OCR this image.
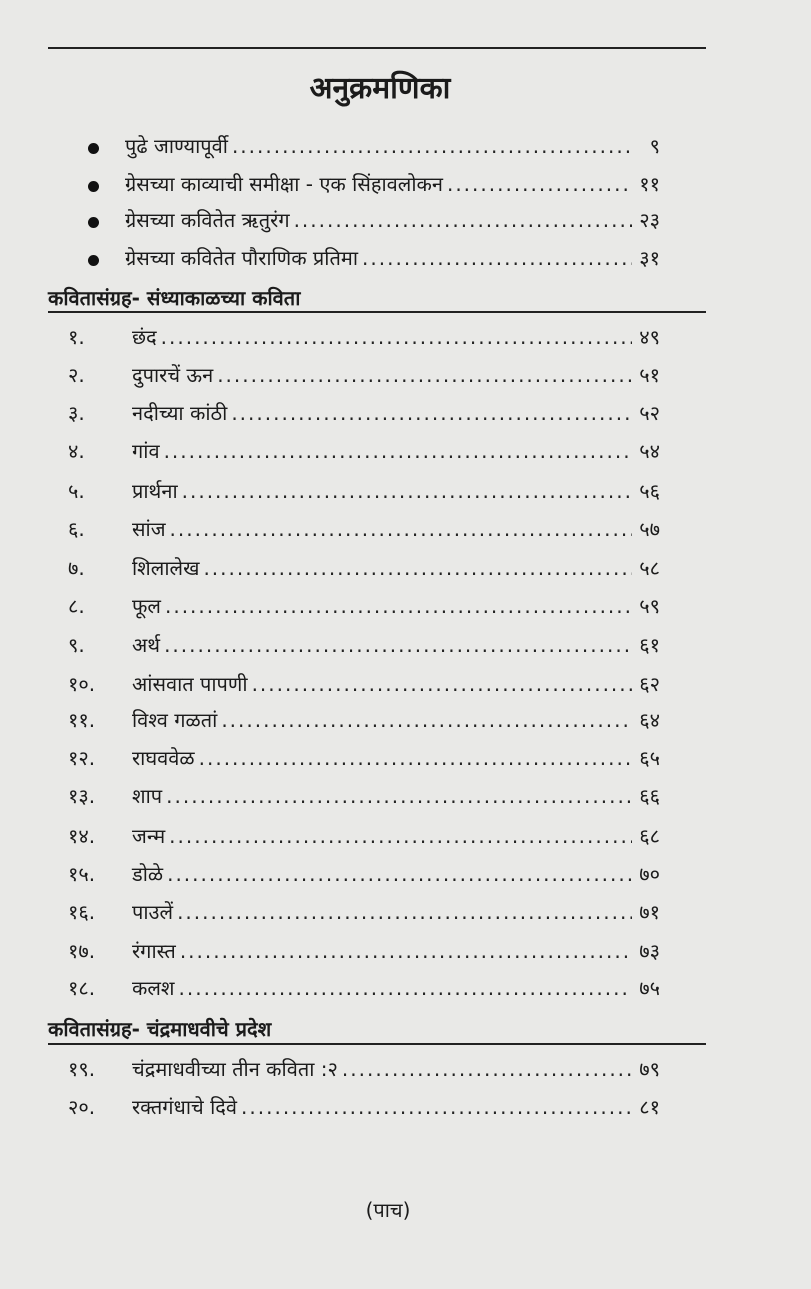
अनुक्रमणिका
पुढे जाण्यापूर्वी .....	९
ग्रेसच्या काव्याची समीक्षा - एक सिंहावलोकन .....	११
ग्रेसच्या कवितेत ऋतुरंग .....	२३
ग्रेसच्या कवितेत पौराणिक प्रतिमा .....	३१
कवितासंग्रह- संध्याकाळच्या कविता
१.	छंद .....	४९
२.	दुपारचें ऊन .....	५१
३.	नदीच्या कांठी .....	५२
४.	गांव .....	५४
५.	प्रार्थना .....	५६
६.	सांज .....	५७
७.	शिलालेख .....	५८
८.	फूल .....	५९
९.	अर्थ .....	६१
१०.	आंसवात पापणी .....	६२
११.	विश्व गळतां .....	६४
१२.	राघववेळ .....	६५
१३.	शाप .....	६६
१४.	जन्म .....	६८
१५.	डोळे .....	७०
१६.	पाउलें .....	७१
१७.	रंगास्त .....	७३
१८.	कलश .....	७५
कवितासंग्रह- चंद्रमाधवीचे प्रदेश
१९.	चंद्रमाधवीच्या तीन कविता :२ .....	७९
२०.	रक्तगंधाचे दिवे .....	८१
(पाच)
